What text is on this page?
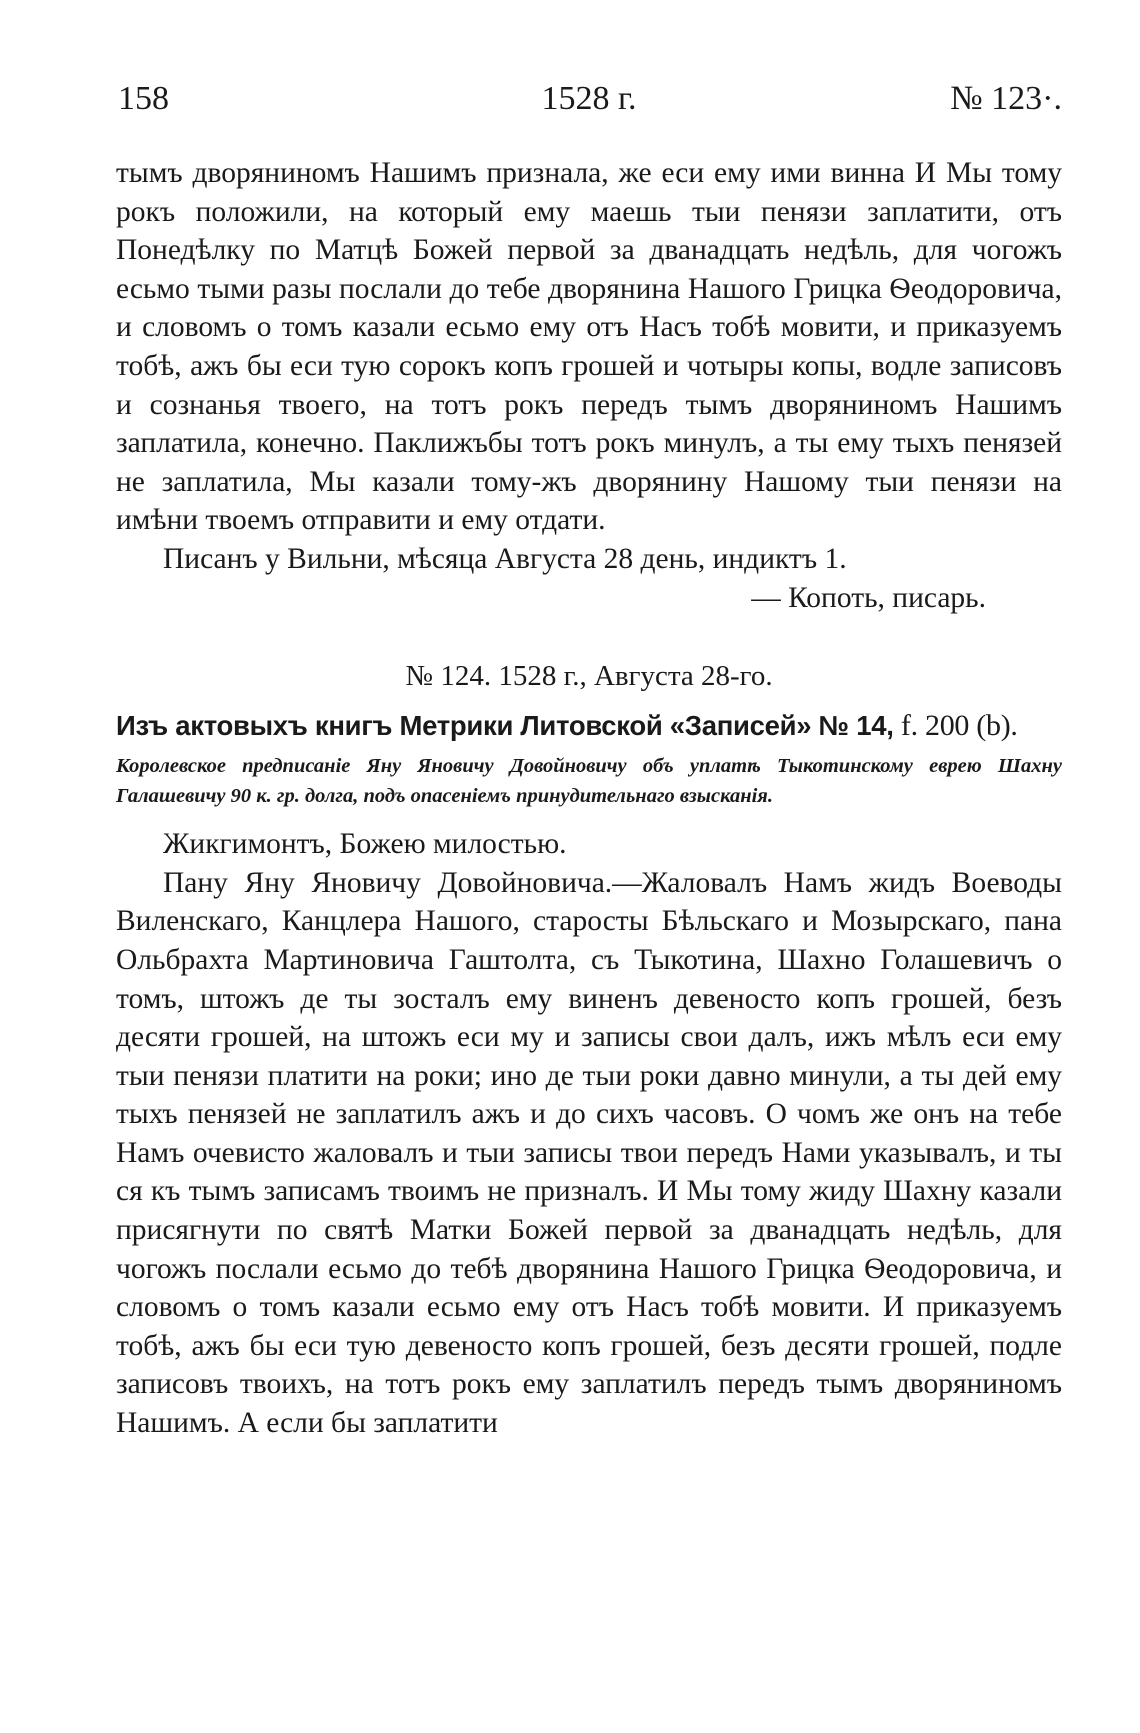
158	1528 г.	№ 123·.

тымъ дворяниномъ Нашимъ признала, же еси ему ими винна И Мы тому рокъ положили, на который ему маешь тыи пенязи заплатити, отъ Понедѣлку по Матцѣ Божей первой за дванадцать недѣль, для чогожъ есьмо тыми разы послали до тебе дворянина Нашого Грицка Ѳеодоровича, и словомъ о томъ казали есьмо ему отъ Насъ тобѣ мовити, и приказуемъ тобѣ, ажъ бы еси тую сорокъ копъ грошей и чотыры копы, водле записовъ и сознанья твоего, на тотъ рокъ передъ тымъ дворяниномъ Нашимъ заплатила, конечно. Паклижъбы тотъ рокъ минулъ, а ты ему тыхъ пенязей не заплатила, Мы казали тому-жъ дворянину Нашому тыи пенязи на имѣни твоемъ отправити и ему отдати.

Писанъ у Вильни, мѣсяца Августа 28 день, индиктъ 1.

— Копоть, писарь.

№ 124. 1528 г., Августа 28-го.
Изъ актовыхъ книгъ Метрики Литовской «Записей» № 14, f. 200 (b).
Королевское предписаніе Яну Яновичу Довойновичу объ уплатѣ Тыкотинскому еврею Шахну Галашевичу 90 к. гр. долга, подъ опасеніемъ принудительнаго взысканія.
Жикгимонтъ, Божею милостью.

Пану Яну Яновичу Довойновича.—Жаловалъ Намъ жидъ Воеводы Виленскаго, Канцлера Нашого, старосты Бѣльскаго и Мозырскаго, пана Ольбрахта Мартиновича Гаштолта, съ Тыкотина, Шахно Голашевичъ о томъ, штожъ де ты зосталъ ему виненъ девеносто копъ грошей, безъ десяти грошей, на штожъ еси му и записы свои далъ, ижъ мѣлъ еси ему тыи пенязи платити на роки; ино де тыи роки давно минули, а ты дей ему тыхъ пенязей не заплатилъ ажъ и до сихъ часовъ. О чомъ же онъ на тебе Намъ очевисто жаловалъ и тыи записы твои передъ Нами указывалъ, и ты ся къ тымъ записамъ твоимъ не призналъ. И Мы тому жиду Шахну казали присягнути по святѣ Матки Божей первой за дванадцать недѣль, для чогожъ послали есьмо до тебѣ дворянина Нашого Грицка Ѳеодоровича, и словомъ о томъ казали есьмо ему отъ Насъ тобѣ мовити. И приказуемъ тобѣ, ажъ бы еси тую девеносто копъ грошей, безъ десяти грошей, подле записовъ твоихъ, на тотъ рокъ ему заплатилъ передъ тымъ дворяниномъ Нашимъ. А если бы заплатити
